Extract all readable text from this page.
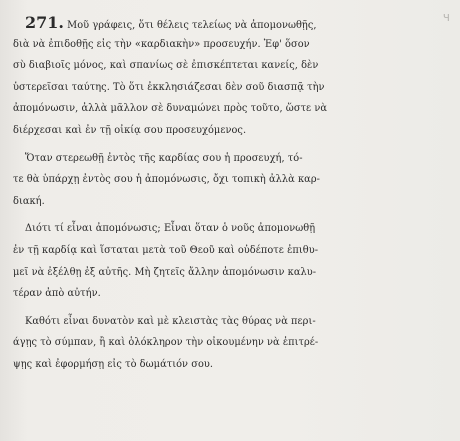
ч
271. Μοῦ γράφεις, ὅτι θέλεις τελείως νὰ ἀπομονωθῇς,
διὰ νὰ ἐπιδοθῇς εἰς τὴν «καρδιακὴν» προσευχήν. Ἐφ' ὅσον
σὺ διαβιοῖς μόνος, καὶ σπανίως σὲ ἐπισκέπτεται κανείς, δὲν
ὑστερεῖσαι ταύτης. Τὸ ὅτι ἐκκλησιάζεσαι δὲν σοῦ διασπᾷ τὴν
ἀπομόνωσιν, ἀλλὰ μᾶλλον σὲ δυναμώνει πρὸς τοῦτο, ὥστε νὰ
διέρχεσαι καὶ ἐν τῇ οἰκίᾳ σου προσευχόμενος.
Ὅταν στερεωθῇ ἐντὸς τῆς καρδίας σου ἡ προσευχή, τό-
τε θὰ ὑπάρχῃ ἐντὸς σου ἡ ἀπομόνωσις, ὄχι τοπικὴ ἀλλὰ καρ-
διακή.
Διότι τί εἶναι ἀπομόνωσις; Εἶναι ὅταν ὁ νοῦς ἀπομονωθῇ
ἐν τῇ καρδίᾳ καὶ ἵσταται μετὰ τοῦ Θεοῦ καὶ οὐδέποτε ἐπιθυ-
μεῖ νὰ ἐξέλθῃ ἐξ αὐτῆς. Μὴ ζητεῖς ἄλλην ἀπομόνωσιν καλυ-
τέραν ἀπὸ αὐτήν.
Καθότι εἶναι δυνατὸν καὶ μὲ κλειστὰς τὰς θύρας νὰ περι-
άγῃς τὸ σύμπαν, ἢ καὶ ὁλόκληρον τὴν οἰκουμένην νὰ ἐπιτρέ-
ψῃς καὶ ἐφορμήσῃ εἰς τὸ δωμάτιόν σου.
